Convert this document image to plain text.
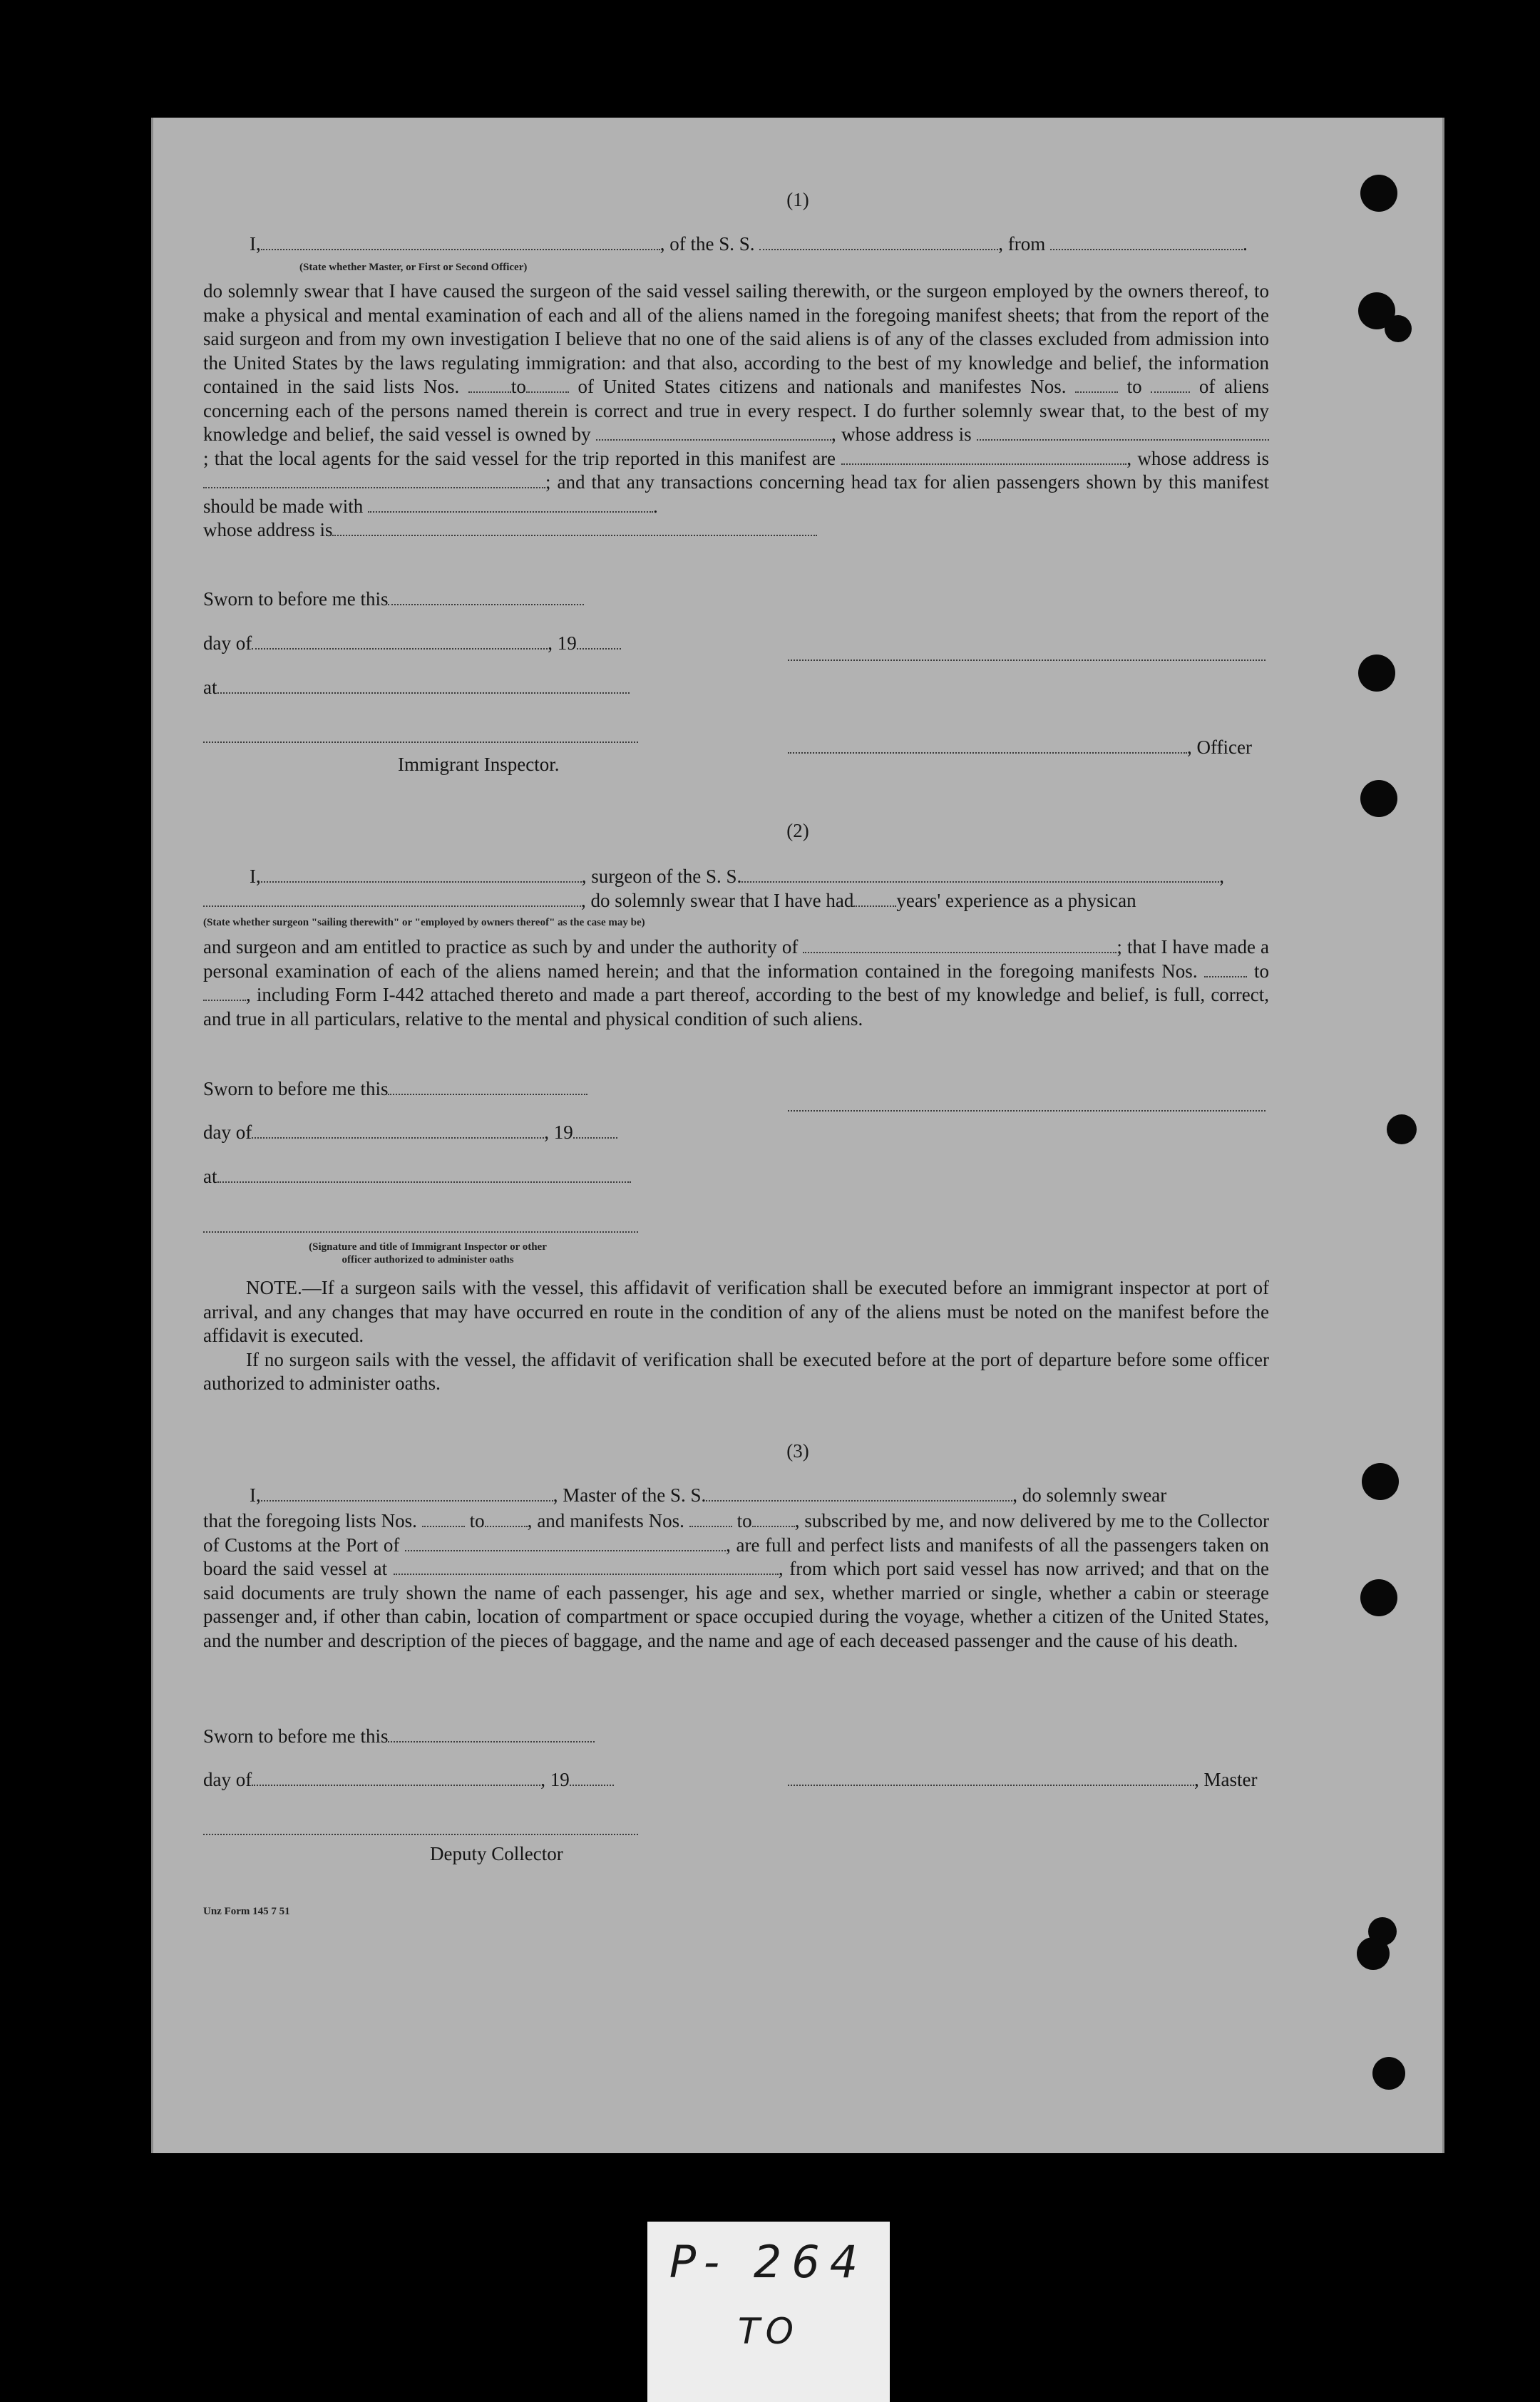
(1)
I,	, of the S. S.	, from	.
(State whether Master, or First or Second Officer)

do solemnly swear that I have caused the surgeon of the said vessel sailing therewith, or the surgeon employed by the owners thereof, to make a physical and mental examination of each and all of the aliens named in the foregoing manifest sheets; that from the report of the said surgeon and from my own investigation I believe that no one of the said aliens is of any of the classes excluded from admission into the United States by the laws regulating immigration: and that also, according to the best of my knowledge and belief, the information contained in the said lists Nos.	to	of United States citizens and nationals and manifestes Nos.	to	of aliens concerning each of the persons named therein is correct and true in every respect. I do further solemnly swear that, to the best of my knowledge and belief, the said vessel is owned by	, whose address is ; that the local agents for the said vessel for the trip reported in this manifest are	, whose address is ; and that any transactions concerning head tax for alien passengers shown by this manifest should be made with	.
whose address is

Sworn to before me this
day of	, 19
at
, Officer
Immigrant Inspector.
(2)
I,	, surgeon of the S. S.	,
, do solemnly swear that I have had years' experience as a physican
(State whether surgeon "sailing therewith" or "employed by owners thereof" as the case may be)

and surgeon and am entitled to practice as such by and under the authority of	; that I have made a personal examination of each of the aliens named herein; and that the information contained in the foregoing manifests Nos.	to, including Form I-442 attached thereto and made a part thereof, according to the best of my knowledge and belief, is full, correct, and true in all particulars, relative to the mental and physical condition of such aliens.

Sworn to before me this
day of	, 19
at
(Signature and title of Immigrant Inspector or other
officer authorized to administer oaths

NOTE.—If a surgeon sails with the vessel, this affidavit of verification shall be executed before an immigrant inspector at port of arrival, and any changes that may have occurred en route in the condition of any of the aliens must be noted on the manifest before the affidavit is executed.

If no surgeon sails with the vessel, the affidavit of verification shall be executed before at the port of departure before some officer authorized to administer oaths.

(3)
I,	, Master of the S. S.	, do solemnly swear

that the foregoing lists Nos.	to , and manifests Nos.	to , subscribed by me, and now delivered by me to the Collector of Customs at the Port of	, are full and perfect lists and manifests of all the passengers taken on board the said vessel at	, from which port said vessel has now arrived; and that on the said documents are truly shown the name of each passenger, his age and sex, whether married or single, whether a cabin or steerage passenger and, if other than cabin, location of compartment or space occupied during the voyage, whether a citizen of the United States, and the number and description of the pieces of baggage, and the name and age of each deceased passenger and the cause of his death.

Sworn to before me this
day of	, 19	, Master
Deputy Collector
Unz Form 145 7 51
P- 264
TO
